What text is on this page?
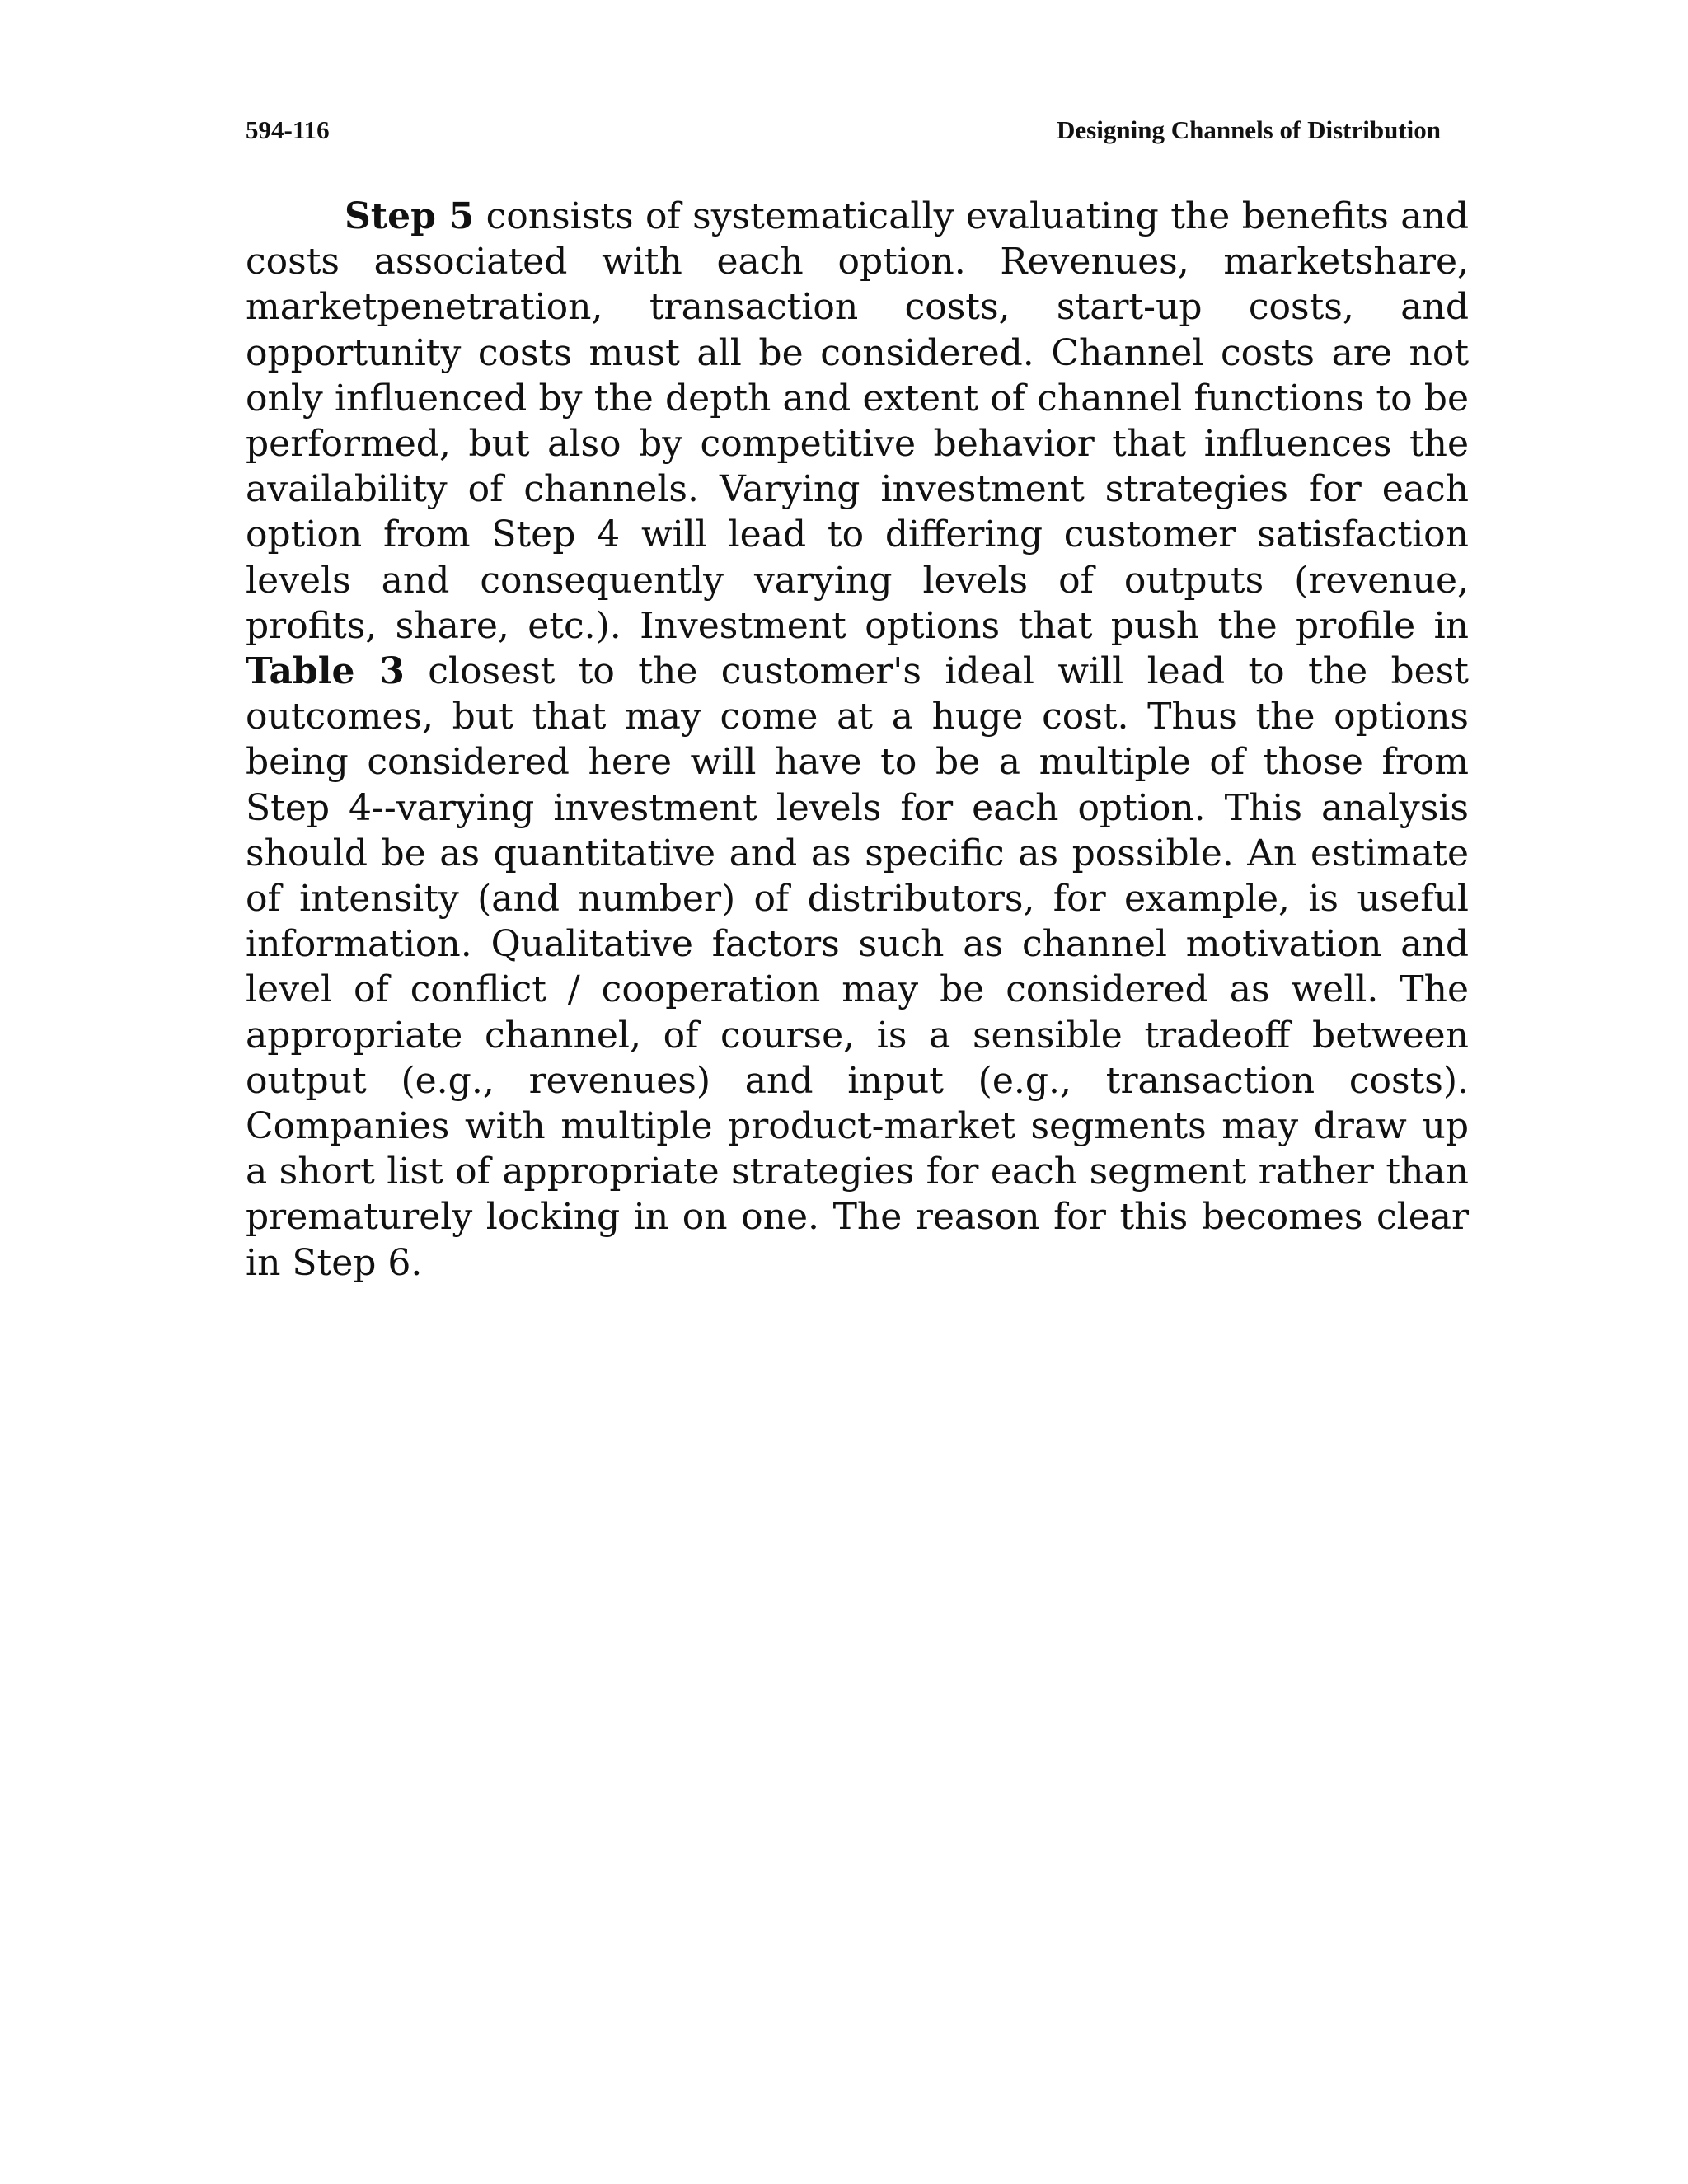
594-116	Designing Channels of Distribution

Step 5 consists of systematically evaluating the benefits and costs associated with each option. Revenues, marketshare, marketpenetration, transaction costs, start-up costs, and opportunity costs must all be considered. Channel costs are not only influenced by the depth and extent of channel functions to be performed, but also by competitive behavior that influences the availability of channels. Varying investment strategies for each option from Step 4 will lead to differing customer satisfaction levels and consequently varying levels of outputs (revenue, profits, share, etc.). Investment options that push the profile in Table 3 closest to the customer's ideal will lead to the best outcomes, but that may come at a huge cost. Thus the options being considered here will have to be a multiple of those from Step 4--varying investment levels for each option. This analysis should be as quantitative and as specific as possible. An estimate of intensity (and number) of distributors, for example, is useful information. Qualitative factors such as channel motivation and level of conflict / cooperation may be considered as well. The appropriate channel, of course, is a sensible tradeoff between output (e.g., revenues) and input (e.g., transaction costs). Companies with multiple product-market segments may draw up a short list of appropriate strategies for each segment rather than prematurely locking in on one. The reason for this becomes clear in Step 6.
